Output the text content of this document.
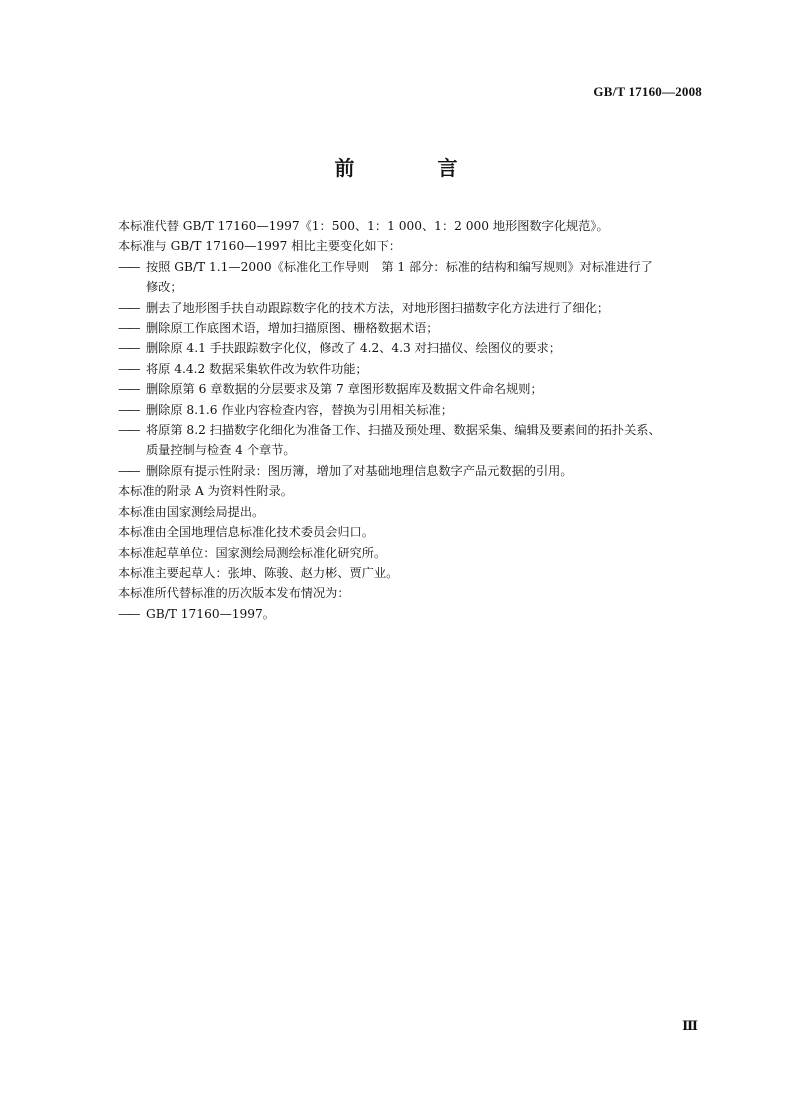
GB/T 17160—2008
前 言
本标准代替 GB/T 17160—1997《1：500、1：1 000、1：2 000 地形图数字化规范》。
本标准与 GB/T 17160—1997 相比主要变化如下：
—— 按照 GB/T 1.1—2000《标准化工作导则　第 1 部分：标准的结构和编写规则》对标准进行了
修改；
—— 删去了地形图手扶自动跟踪数字化的技术方法，对地形图扫描数字化方法进行了细化；
—— 删除原工作底图术语，增加扫描原图、栅格数据术语；
—— 删除原 4.1 手扶跟踪数字化仪，修改了 4.2、4.3 对扫描仪、绘图仪的要求；
—— 将原 4.4.2 数据采集软件改为软件功能；
—— 删除原第 6 章数据的分层要求及第 7 章图形数据库及数据文件命名规则；
—— 删除原 8.1.6 作业内容检查内容，替换为引用相关标准；
—— 将原第 8.2 扫描数字化细化为准备工作、扫描及预处理、数据采集、编辑及要素间的拓扑关系、
质量控制与检查 4 个章节。
—— 删除原有提示性附录：图历簿，增加了对基础地理信息数字产品元数据的引用。
本标准的附录 A 为资料性附录。
本标准由国家测绘局提出。
本标准由全国地理信息标准化技术委员会归口。
本标准起草单位：国家测绘局测绘标准化研究所。
本标准主要起草人：张坤、陈骏、赵力彬、贾广业。
本标准所代替标准的历次版本发布情况为：
—— GB/T 17160—1997。
Ⅲ
